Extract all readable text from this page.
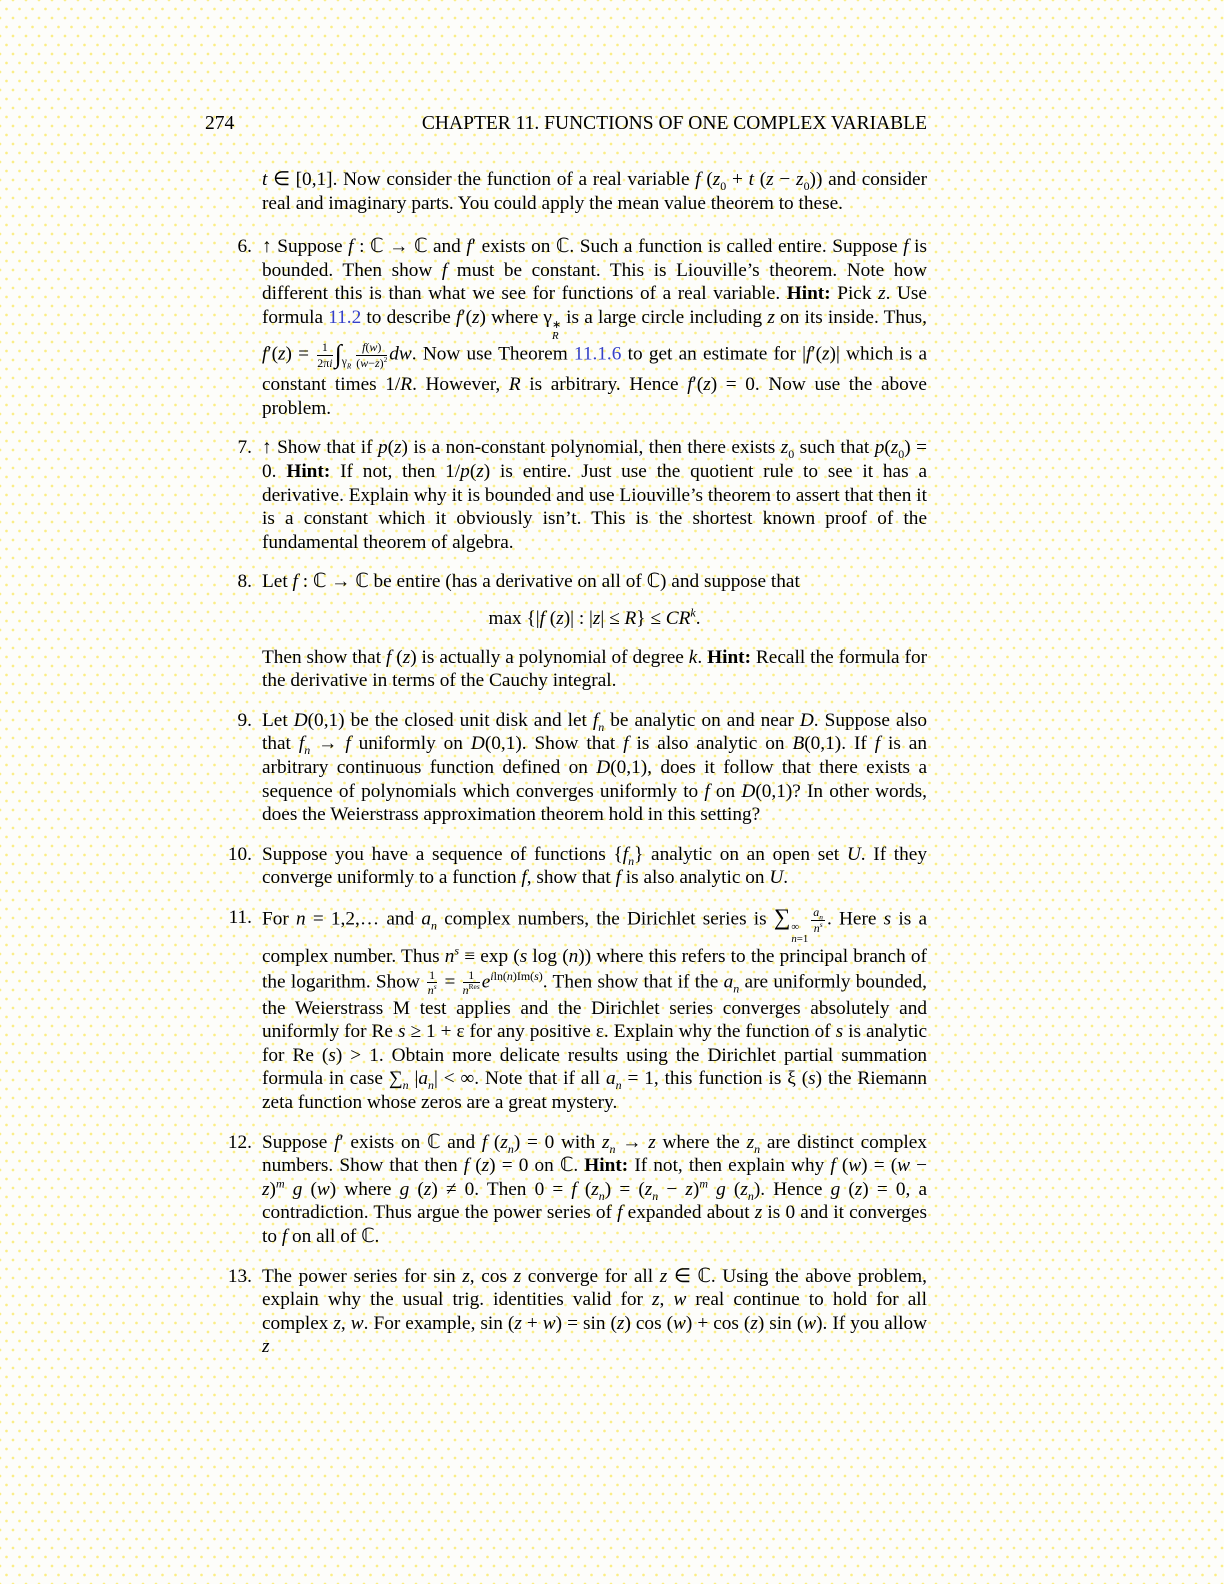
274	CHAPTER 11. FUNCTIONS OF ONE COMPLEX VARIABLE
t ∈ [0,1]. Now consider the function of a real variable f ($z_0 + t$ $(z - z_0)$) and consider real and imaginary parts. You could apply the mean value theorem to these.
6. ↑ Suppose f : ℂ → ℂ and f′ exists on ℂ. Such a function is called entire. Suppose f is bounded. Then show f must be constant. This is Liouville’s theorem. Note how different this is than what we see for functions of a real variable. Hint: Pick z. Use formula 11.2 to describe f′(z) where γ ∗
R
is a large circle including z on its inside. Thus, $f'(z) = \frac{1}{2\pi i} \int_{\gamma_R} \frac{f(w)}{(w-z)^2}$ dw. Now use Theorem 11.1.6 to get an estimate for |f′(z)| which is a constant times 1/R. However, R is arbitrary. Hence f′(z) = 0. Now use the above problem.
7. ↑ Show that if p(z) is a non-constant polynomial, then there exists $z_0$ such that $p(z_0) = 0$. Hint: If not, then 1/p(z) is entire. Just use the quotient rule to see it has a derivative. Explain why it is bounded and use Liouville’s theorem to assert that then it is a constant which it obviously isn’t. This is the shortest known proof of the fundamental theorem of algebra.
8. Let f : ℂ → ℂ be entire (has a derivative on all of ℂ) and suppose that
max {|f (z)| : $|z| \le R\} \le CR^k$.
Then show that f (z) is actually a polynomial of degree k. Hint: Recall the formula for the derivative in terms of the Cauchy integral.
9. Let D(0,1) be the closed unit disk and let $f_n$ be analytic on and near D. Suppose also that $f_n \to f$ uniformly on D(0,1). Show that f is also analytic on B(0,1). If f is an arbitrary continuous function defined on D(0,1), does it follow that there exists a sequence of polynomials which converges uniformly to f on D(0,1)? In other words, does the Weierstrass approximation theorem hold in this setting?
10. Suppose you have a sequence of functions $\{f_n\}$ analytic on an open set U. If they converge uniformly to a function f, show that f is also analytic on U.
11. For n = 1,2,… and $a_n$ complex numbers, the Dirichlet series is ∑ ∞
n=1
$\frac{a_n}{n^s}$ . Here s is a complex number. Thus $n^s \equiv \exp (s$ log (n)) where this refers to the principal branch of the logarithm. Show $\frac{1}{n^s} = \frac{1}{n^{Res}} e^{iln(n)Im(s)}$. Then show that if the $a_n$ are uniformly bounded, the Weierstrass M test applies and the Dirichlet series converges absolutely and uniformly for Re s ≥ 1 + ε for any positive ε. Explain why the function of s is analytic for Re (s) > 1. Obtain more delicate results using the Dirichlet partial summation formula in case $\sum_n$ $|a_n|$ < ∞. Note that if all $a_n = 1$, this function is ξ (s) the Riemann zeta function whose zeros are a great mystery.
12. Suppose f′ exists on ℂ and f $(z_n) = 0$ with $z_n \to z$ where the $z_n$ are distinct complex numbers. Show that then f (z) = 0 on ℂ. Hint: If not, then explain why f $(w) = (w - z)^m$ g (w) where g (z) ≠ 0. Then 0 = f $(z_n) = (z_n - z)^m$ g $(z_n)$. Hence g (z) = 0, a contradiction. Thus argue the power series of f expanded about z is 0 and it converges to f on all of ℂ.
13. The power series for sin z, cos z converge for all z ∈ ℂ. Using the above problem, explain why the usual trig. identities valid for z, w real continue to hold for all complex z, w. For example, sin (z + w) = sin (z) cos (w) + cos (z) sin (w). If you allow z
